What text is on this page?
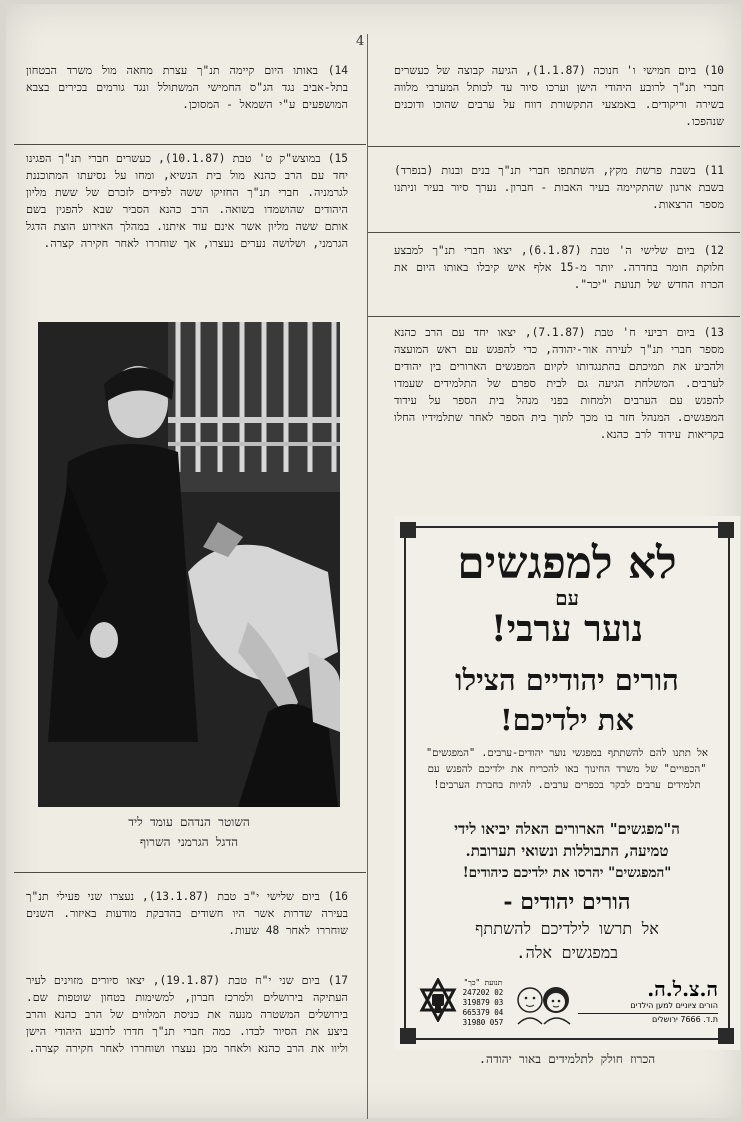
4
10) ביום חמישי ו' חנוכה (1.1.87), הגיעה קבוצה של כעשרים חברי תנ"ך לרובע היהודי הישן וערכו סיור עד לכותל המערבי מלווה בשירה וריקודים. באמצעי התקשורת דווח על ערבים שהוכו ודוכנים שנהפכו.
11) בשבת פרשת מקץ, השתתפו חברי תנ"ך בנים ובנות (בנפרד) בשבת ארגון שהתקיימה בעיר האבות - חברון. נערך סיור בעיר וניתנו מספר הרצאות.
12) ביום שלישי ה' טבת (6.1.87), יצאו חברי תנ"ך למבצע חלוקת חומר בחדרה. יותר מ-15 אלף איש קיבלו באותו היום את הכרוז החדש של תנועת "יכר".
13) ביום רביעי ח' טבת (7.1.87), יצאו יחד עם הרב כהנא מספר חברי תנ"ך לעירה אור-יהודה, כדי להפגש עם ראש המועצה ולהביע את תמיכתם בהתנגדותו לקיום המפגשים הארורים בין יהודים לערבים. המשלחת הגיעה גם לבית ספרם של התלמידים שעמדו להפגש עם הערבים ולמחות בפני מנהל בית הספר על עידוד המפגשים. המנהל חזר בו מכך לתוך בית הספר לאחר שתלמידיו החלו בקריאות עידוד לרב כהנא.
14) באותו היום קיימה תנ"ך עצרת מחאה מול משרד הבטחון בתל-אביב נגד הג"ס החמישי המשתולל ונגד גורמים בכירים בצבא המושפעים ע"י השמאל - המסוכן.
15) במוצש"ק ט' טבת (10.1.87), כעשרים חברי תנ"ך הפגינו יחד עם הרב כהנא מול בית הנשיא, ומחו על נסיעתו המתוכננת לגרמניה. חברי תנ"ך החזיקו ששה לפידים לזכרם של ששת מליון היהודים שהושמדו בשואה. הרב כהנא הסביר שבא להפגין בשם אותם ששה מליון אשר אינם עוד איתנו. במהלך האירוע הוצת הדגל הגרמני, ושלושה נערים נעצרו, אך שוחררו לאחר חקירה קצרה.
השוטר הנדהם עומד ליד
הדגל הגרמני השרוף
16) ביום שלישי י"ב טבת (13.1.87), נעצרו שני פעילי תנ"ך בעירה שדרות אשר היו חשודים בהדבקת מודעות באיזור. השנים שוחררו לאחר 48 שעות.
17) ביום שני י"ח טבת (19.1.87), יצאו סיורים מזוינים לעיר העתיקה בירושלים ולמרכז חברון, למשימות בטחון שוטפות שם. בירושלים המשטרה מנעה את כניסת המלווים של הרב כהנא והרב ביצע את הסיור לבדו. כמה חברי תנ"ך חדרו לרובע היהודי הישן וליוו את הרב כהנא ולאחר מכן נעצרו ושוחררו לאחר חקירה קצרה.
לא למפגשים
עם
נוער ערבי!
הורים יהודיים הצילו
את ילדיכם!
אל תתנו להם להשתתף במפגשי נוער יהודים-ערבים. "המפגשים" "הכפויים" של משרד החינוך באו להכריח את ילדיכם להפגש עם תלמידים ערבים לבקר בכפרים ערבים. להיות בחברת הערבים!
ה"מפגשים" הארורים האלה יביאו לידי
טמיעה, התבוללות ונשואי תערובת.
"המפגשים" יהרסו את ילדיכם כיהודים!
הורים יהודים -
אל תרשו לילדיכם להשתתף
במפגשים אלה.
ה.צ.ל.ה.
הורים ציוניים למען הילדים
ת.ד. 7666 ירושלים
תנועת "כך"
02 247202
03 319879
04 665379
057 31980
הכרוז חולק לתלמידים באור יהודה.
